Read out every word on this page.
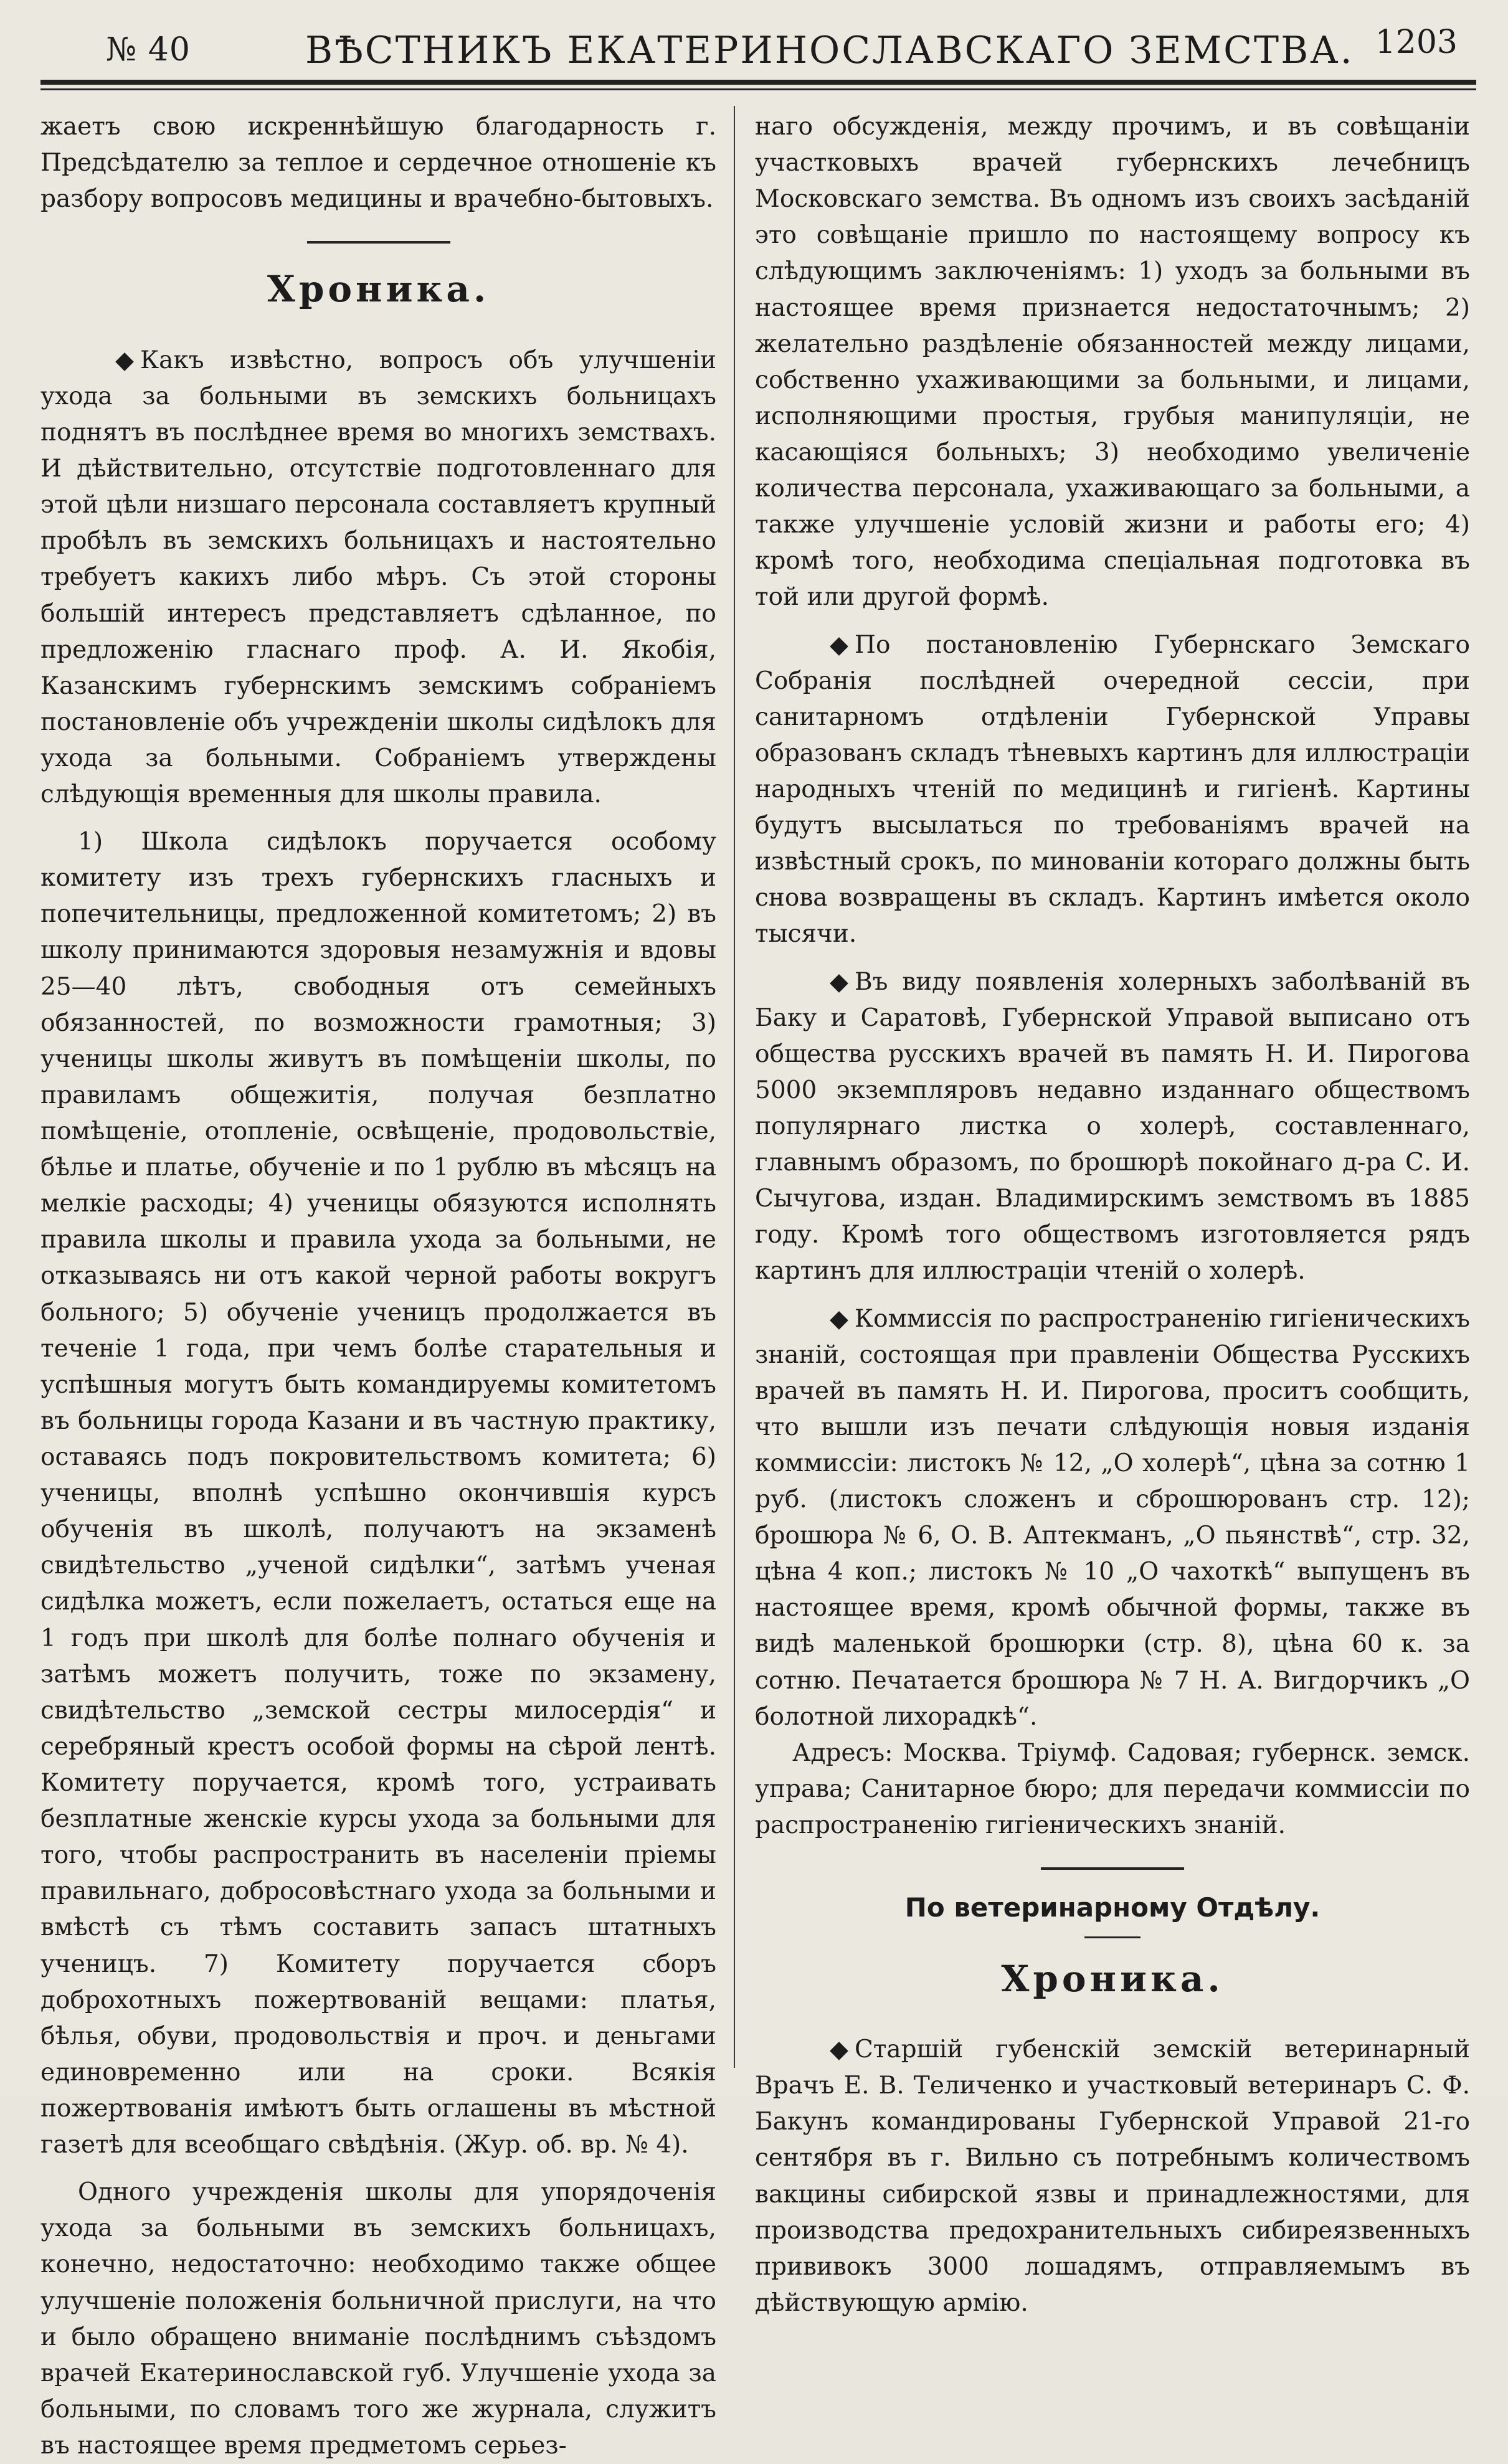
№ 40	ВѢСТНИКЪ ЕКАТЕРИНОСЛАВСКАГО ЗЕМСТВА. 1203

жаетъ свою искреннѣйшую благодарность г. Предсѣдателю за теплое и сердечное отношеніе къ разбору вопросовъ медицины и врачебно-бытовыхъ.

Хроника.

◆ Какъ извѣстно, вопросъ объ улучшеніи ухода за больными въ земскихъ больницахъ поднятъ въ послѣднее время во многихъ земствахъ. И дѣйствительно, отсутствіе подготовленнаго для этой цѣли низшаго персонала составляетъ крупный пробѣлъ въ земскихъ больницахъ и настоятельно требуетъ какихъ либо мѣръ. Съ этой стороны большій интересъ представляетъ сдѣланное, по предложенію гласнаго проф. А. И. Якобія, Казанскимъ губернскимъ земскимъ собраніемъ постановленіе объ учрежденіи школы сидѣлокъ для ухода за больными. Собраніемъ утверждены слѣдующія временныя для школы правила.

1) Школа сидѣлокъ поручается особому комитету изъ трехъ губернскихъ гласныхъ и попечительницы, предложенной комитетомъ; 2) въ школу принимаются здоровыя незамужнія и вдовы 25—40 лѣтъ, свободныя отъ семейныхъ обязанностей, по возможности грамотныя; 3) ученицы школы живутъ въ помѣщеніи школы, по правиламъ общежитія, получая безплатно помѣщеніе, отопленіе, освѣщеніе, продовольствіе, бѣлье и платье, обученіе и по 1 рублю въ мѣсяцъ на мелкіе расходы; 4) ученицы обязуются исполнять правила школы и правила ухода за больными, не отказываясь ни отъ какой черной работы вокругъ больного; 5) обученіе ученицъ продолжается въ теченіе 1 года, при чемъ болѣе старательныя и успѣшныя могутъ быть командируемы комитетомъ въ больницы города Казани и въ частную практику, оставаясь подъ покровительствомъ комитета; 6) ученицы, вполнѣ успѣшно окончившія курсъ обученія въ школѣ, получаютъ на экзаменѣ свидѣтельство „ученой сидѣлки“, затѣмъ ученая сидѣлка можетъ, если пожелаетъ, остаться еще на 1 годъ при школѣ для болѣе полнаго обученія и затѣмъ можетъ получить, тоже по экзамену, свидѣтельство „земской сестры милосердія“ и серебряный крестъ особой формы на сѣрой лентѣ. Комитету поручается, кромѣ того, устраивать безплатные женскіе курсы ухода за больными для того, чтобы распространить въ населеніи пріемы правильнаго, добросовѣстнаго ухода за больными и вмѣстѣ съ тѣмъ составить запасъ штатныхъ ученицъ. 7) Комитету поручается сборъ доброхотныхъ пожертвованій вещами: платья, бѣлья, обуви, продовольствія и проч. и деньгами единовременно или на сроки. Всякія пожертвованія имѣютъ быть оглашены въ мѣстной газетѣ для всеобщаго свѣдѣнія. (Жур. об. вр. № 4).

Одного учрежденія школы для упорядоченія ухода за больными въ земскихъ больницахъ, конечно, недостаточно: необходимо также общее улучшеніе положенія больничной прислуги, на что и было обращено вниманіе послѣднимъ съѣздомъ врачей Екатеринославской губ. Улучшеніе ухода за больными, по словамъ того же журнала, служитъ въ настоящее время предметомъ серьез-

наго обсужденія, между прочимъ, и въ совѣщаніи участковыхъ врачей губернскихъ лечебницъ Московскаго земства. Въ одномъ изъ своихъ засѣданій это совѣщаніе пришло по настоящему вопросу къ слѣдующимъ заключеніямъ: 1) уходъ за больными въ настоящее время признается недостаточнымъ; 2) желательно раздѣленіе обязанностей между лицами, собственно ухаживающими за больными, и лицами, исполняющими простыя, грубыя манипуляціи, не касающіяся больныхъ; 3) необходимо увеличеніе количества персонала, ухаживающаго за больными, а также улучшеніе условій жизни и работы его; 4) кромѣ того, необходима спеціальная подготовка въ той или другой формѣ.

◆ По постановленію Губернскаго Земскаго Собранія послѣдней очередной сессіи, при санитарномъ отдѣленіи Губернской Управы образованъ складъ тѣневыхъ картинъ для иллюстраціи народныхъ чтеній по медицинѣ и гигіенѣ. Картины будутъ высылаться по требованіямъ врачей на извѣстный срокъ, по минованіи котораго должны быть снова возвращены въ складъ. Картинъ имѣется около тысячи.

◆ Въ виду появленія холерныхъ заболѣваній въ Баку и Саратовѣ, Губернской Управой выписано отъ общества русскихъ врачей въ память Н. И. Пирогова 5000 экземпляровъ недавно изданнаго обществомъ популярнаго листка о холерѣ, составленнаго, главнымъ образомъ, по брошюрѣ покойнаго д-ра С. И. Сычугова, издан. Владимирскимъ земствомъ въ 1885 году. Кромѣ того обществомъ изготовляется рядъ картинъ для иллюстраціи чтеній о холерѣ.

◆ Коммиссія по распространенію гигіеническихъ знаній, состоящая при правленіи Общества Русскихъ врачей въ память Н. И. Пирогова, проситъ сообщить, что вышли изъ печати слѣдующія новыя изданія коммиссіи: листокъ № 12, „О холерѣ“, цѣна за сотню 1 руб. (листокъ сложенъ и сброшюрованъ стр. 12); брошюра № 6, О. В. Аптекманъ, „О пьянствѣ“, стр. 32, цѣна 4 коп.; листокъ № 10 „О чахоткѣ“ выпущенъ въ настоящее время, кромѣ обычной формы, также въ видѣ маленькой брошюрки (стр. 8), цѣна 60 к. за сотню. Печатается брошюра № 7 Н. А. Вигдорчикъ „О болотной лихорадкѣ“.

Адресъ: Москва. Тріумф. Садовая; губернск. земск. управа; Санитарное бюро; для передачи коммиссіи по распространенію гигіеническихъ знаній.

По ветеринарному Отдѣлу.
Хроника.

◆ Старшій губенскій земскій ветеринарный Врачъ Е. В. Теличенко и участковый ветеринаръ С. Ф. Бакунъ командированы Губернской Управой 21-го сентября въ г. Вильно съ потребнымъ количествомъ вакцины сибирской язвы и принадлежностями, для производства предохранительныхъ сибиреязвенныхъ прививокъ 3000 лошадямъ, отправляемымъ въ дѣйствующую армію.
